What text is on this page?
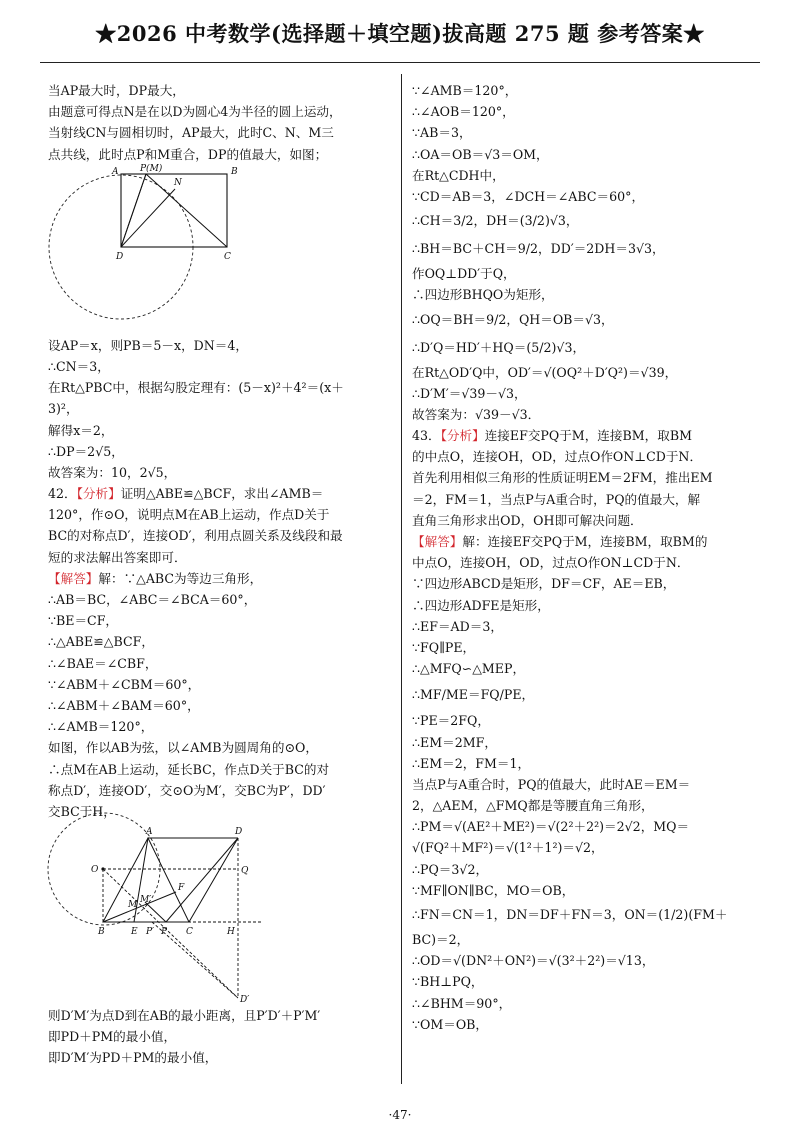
★2026 中考数学(选择题＋填空题)拔高题 275 题 参考答案★
当AP最大时，DP最大，
由题意可得点N是在以D为圆心4为半径的圆上运动，
当射线CN与圆相切时，AP最大，此时C、N、M三
点共线，此时点P和M重合，DP的值最大，如图；
A P(M)	B
N
D	C
设AP＝x，则PB＝5－x，DN＝4，
∴CN＝3，
在Rt△PBC中，根据勾股定理有：(5－x)²＋4²＝(x＋
3)²，
解得x＝2，
∴DP＝2√5，
故答案为：10，2√5，
42．【分析】证明△ABE≌△BCF，求出∠AMB＝
120°，作⊙O，说明点M在AB上运动，作点D关于
BC的对称点D′，连接OD′，利用点圆关系及线段和最
短的求法解出答案即可．
【解答】解：∵△ABC为等边三角形，
∴AB＝BC，∠ABC＝∠BCA＝60°，
∵BE＝CF，
∴△ABE≌△BCF，
∴∠BAE＝∠CBF，
∵∠ABM＋∠CBM＝60°，
∴∠ABM＋∠BAM＝60°，
∴∠AMB＝120°，
如图，作以AB为弦，以∠AMB为圆周角的⊙O，
∴点M在AB上运动，延长BC，作点D关于BC的对
称点D′，连接OD′，交⊙O为M′，交BC为P′，DD′
交BC于H，
A	D
O	Q
F
M M′
B	E P′ P C	H
D′
则D′M′为点D到在AB的最小距离，且P′D′＋P′M′
即PD＋PM的最小值，
即D′M′为PD＋PM的最小值，
∵∠AMB＝120°，
∴∠AOB＝120°，
∵AB＝3，
∴OA＝OB＝√3＝OM，
在Rt△CDH中，
∵CD＝AB＝3，∠DCH＝∠ABC＝60°，
∴CH＝3/2，DH＝(3/2)√3，
∴BH＝BC＋CH＝9/2，DD′＝2DH＝3√3，
作OQ⊥DD′于Q，
∴四边形BHQO为矩形，
∴OQ＝BH＝9/2，QH＝OB＝√3，
∴D′Q＝HD′＋HQ＝(5/2)√3，
在Rt△OD′Q中，OD′＝√(OQ²＋D′Q²)＝√39，
∴D′M′＝√39－√3，
故答案为：√39－√3．
43．【分析】连接EF交PQ于M，连接BM，取BM
的中点O，连接OH，OD，过点O作ON⊥CD于N．
首先利用相似三角形的性质证明EM＝2FM，推出EM
＝2，FM＝1，当点P与A重合时，PQ的值最大，解
直角三角形求出OD，OH即可解决问题．
【解答】解：连接EF交PQ于M，连接BM，取BM的
中点O，连接OH，OD，过点O作ON⊥CD于N．
∵四边形ABCD是矩形，DF＝CF，AE＝EB，
∴四边形ADFE是矩形，
∴EF＝AD＝3，
∵FQ∥PE，
∴△MFQ∽△MEP，
∴MF/ME＝FQ/PE，
∵PE＝2FQ，
∴EM＝2MF，
∴EM＝2，FM＝1，
当点P与A重合时，PQ的值最大，此时AE＝EM＝
2，△AEM，△FMQ都是等腰直角三角形，
∴PM＝√(AE²＋ME²)＝√(2²＋2²)＝2√2，MQ＝
√(FQ²＋MF²)＝√(1²＋1²)＝√2，
∴PQ＝3√2，
∵MF∥ON∥BC，MO＝OB，
∴FN＝CN＝1，DN＝DF＋FN＝3，ON＝(1/2)(FM＋
BC)＝2，
∴OD＝√(DN²＋ON²)＝√(3²＋2²)＝√13，
∵BH⊥PQ，
∴∠BHM＝90°，
∵OM＝OB，
·47·
